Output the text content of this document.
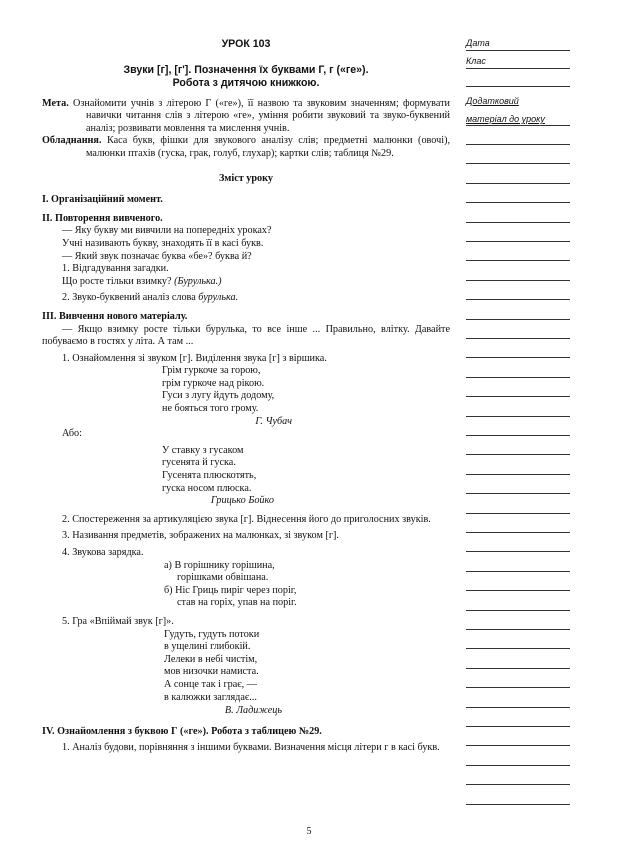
УРОК 103
Звуки [г], [г']. Позначення їх буквами Г, г («ге»).
Робота з дитячою книжкою.

Мета. Ознайомити учнів з літерою Г («ге»), її назвою та звуковим значенням; формувати навички читання слів з літерою «ге», уміння робити звуковий та звуко-буквений аналіз; розвивати мовлення та мислення учнів.

Обладнання. Каса букв, фішки для звукового аналізу слів; предметні малюнки (овочі), малюнки птахів (гуска, грак, голуб, глухар); картки слів; таблиця №29.

Зміст уроку

I. Організаційний момент.

II. Повторення вивченого.

— Яку букву ми вивчили на попередніх уроках?

Учні називають букву, знаходять її в касі букв.

— Який звук позначає буква «бе»? буква й?

1. Відгадування загадки.

Що росте тільки взимку? (Бурулька.)

2. Звуко-буквений аналіз слова бурулька.

III. Вивчення нового матеріалу.

— Якщо взимку росте тільки бурулька, то все інше ... Правильно, влітку. Давайте побуваємо в гостях у літа. А там ...

1. Ознайомлення зі звуком [г]. Виділення звука [г] з віршика.

Грім гуркоче за горою,
грім гуркоче над рікою.
Гуси з лугу йдуть додому,
не бояться того грому.
Г. Чубач

Або:

У ставку з гусаком
гусенята й гуска.
Гусенята плюскотять,
гуска носом плюска.
Грицько Бойко

2. Спостереження за артикуляцією звука [г]. Віднесення його до приголосних звуків.

3. Називання предметів, зображених на малюнках, зі звуком [г].

4. Звукова зарядка.

а) В горішнику горішина,
горішками обвішана.
б) Ніс Гриць пиріг через поріг,
став на горіх, упав на поріг.

5. Гра «Впіймай звук [г]».

Гудуть, гудуть потоки
в ущелині глибокій.
Лелеки в небі чистім,
мов низочки намиста.
А сонце так і грає, —
в калюжки заглядає...
В. Ладижець

IV. Ознайомлення з буквою Г («ге»). Робота з таблицею №29.

1. Аналіз будови, порівняння з іншими буквами. Визначення місця літери г в касі букв.

Дата
Клас
Додатковий
матеріал до уроку
5
